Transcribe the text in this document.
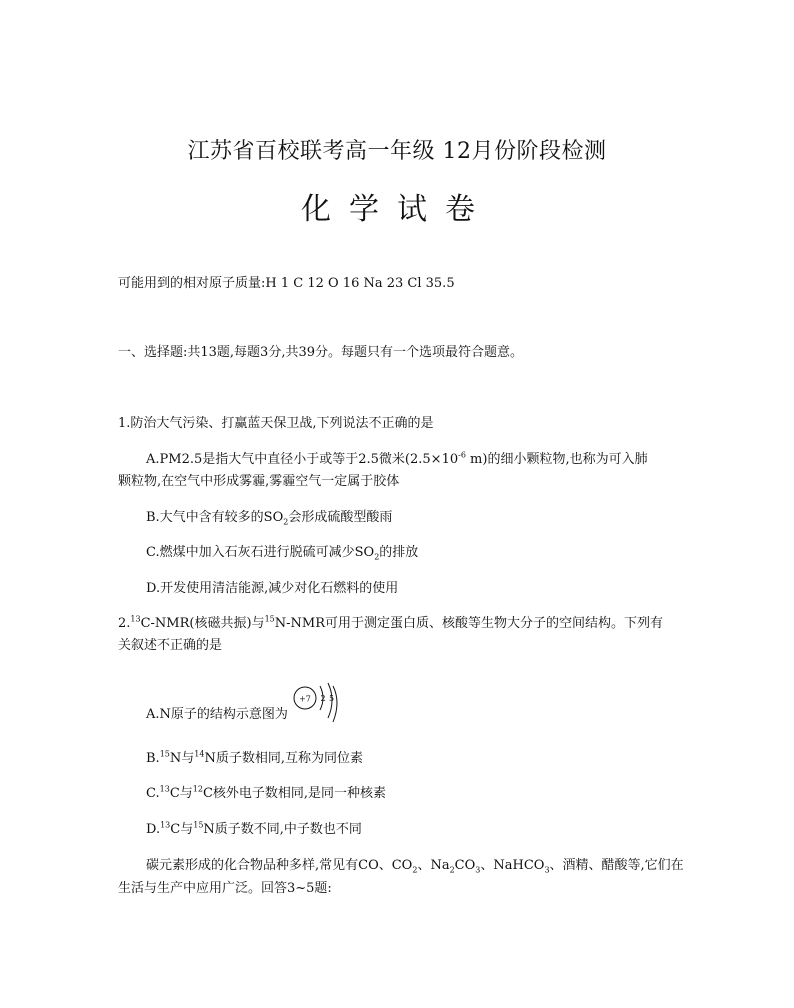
江苏省百校联考高一年级 12月份阶段检测
化学试卷
可能用到的相对原子质量:H 1 C 12 O 16 Na 23 Cl 35.5
一、选择题:共13题,每题3分,共39分。每题只有一个选项最符合题意。
1.防治大气污染、打赢蓝天保卫战,下列说法不正确的是
A.PM2.5是指大气中直径小于或等于2.5微米($2.5\times 10^{-6}$ m)的细小颗粒物,也称为可入肺
颗粒物,在空气中形成雾霾,雾霾空气一定属于胶体
B.大气中含有较多的$SO_2$会形成硫酸型酸雨
C.燃煤中加入石灰石进行脱硫可减少$SO_2$的排放
D.开发使用清洁能源,减少对化石燃料的使用
2.13C-NMR(核磁共振)与$^{15}$N-NMR可用于测定蛋白质、核酸等生物大分子的空间结构。下列有
关叙述不正确的是
A.N原子的结构示意图为
+7 2 5
B.$^{15}$N与$^{14}$N质子数相同,互称为同位素
C.$^{13}$C与$^{12}$C核外电子数相同,是同一种核素
D.$^{13}$C与$^{15}$N质子数不同,中子数也不同
碳元素形成的化合物品种多样,常见有CO、$CO_2$、$Na_2CO_3$、NaHCO$_3$、酒精、醋酸等,它们在
生活与生产中应用广泛。回答3~5题:
